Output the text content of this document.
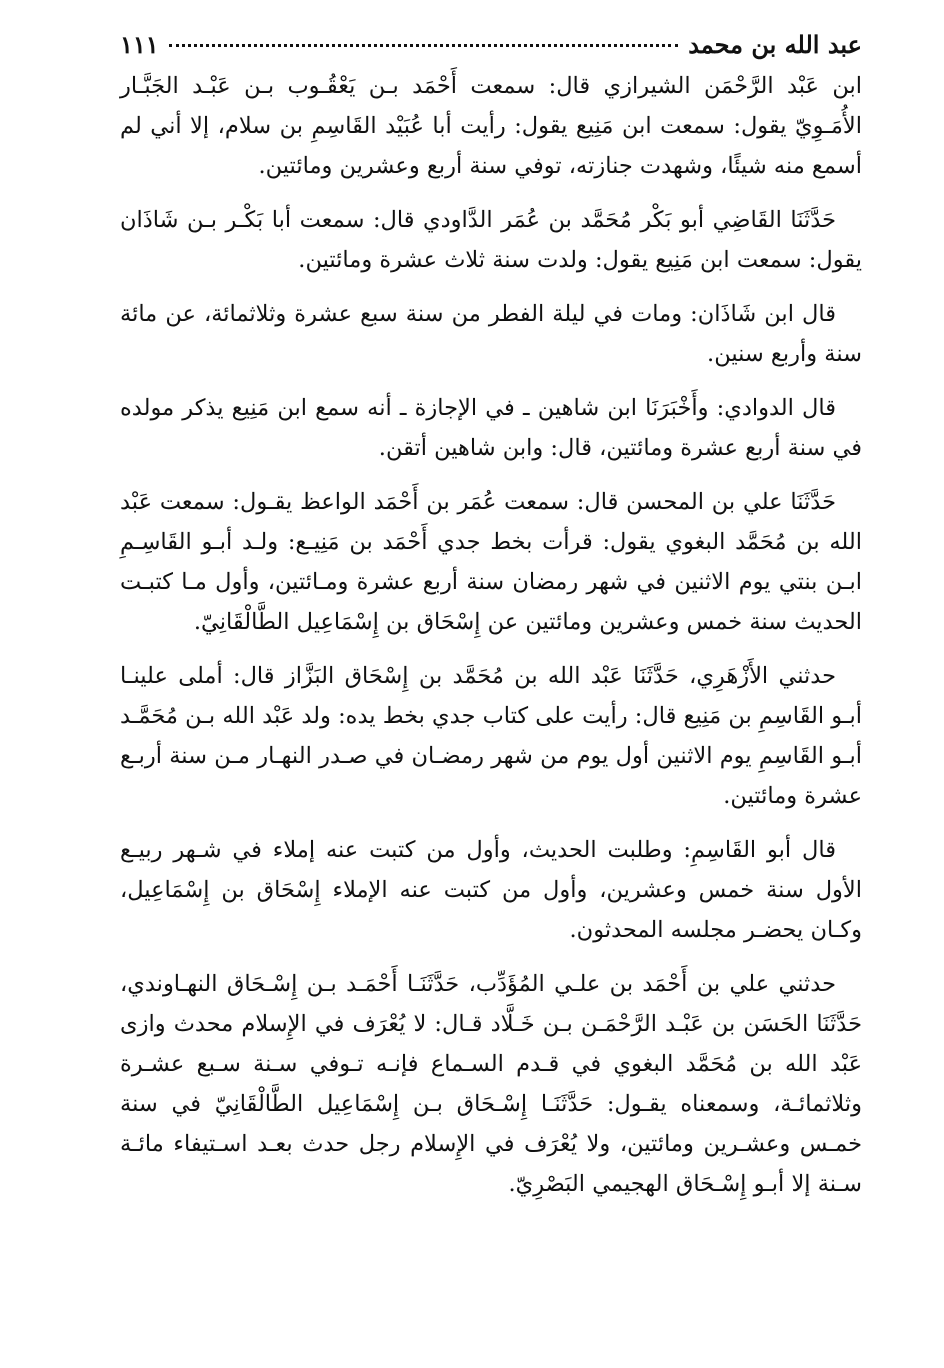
عبد الله بن محمد
١١١

ابن عَبْد الرَّحْمَن الشيرازي قال: سمعت أَحْمَد بـن يَعْقُـوب بـن عَبْـد الجَبَّـار الأُمَـوِيّ يقول: سمعت ابن مَنِيع يقول: رأيت أبا عُبَيْد القَاسِمِ بن سلام، إلا أني لم أسمع منه شيئًا، وشهدت جنازته، توفي سنة أربع وعشرين ومائتين.

حَدَّثَنَا القَاضِي أبو بَكْر مُحَمَّد بن عُمَر الدَّاودي قال: سمعت أبا بَكْـر بـن شَاذَان يقول: سمعت ابن مَنِيع يقول: ولدت سنة ثلاث عشرة ومائتين.

قال ابن شَاذَان: ومات في ليلة الفطر من سنة سبع عشرة وثلاثمائة، عن مائة سنة وأربع سنين.

قال الدوادي: وأَخْبَرَنَا ابن شاهين ـ في الإجازة ـ أنه سمع ابن مَنِيع يذكر مولده في سنة أربع عشرة ومائتين، قال: وابن شاهين أتقن.

حَدَّثَنَا علي بن المحسن قال: سمعت عُمَر بن أَحْمَد الواعظ يقـول: سمعت عَبْد الله بن مُحَمَّد البغوي يقول: قرأت بخط جدي أَحْمَد بن مَنِيـع: ولـد أبـو القَاسِـمِ ابـن بنتي يوم الاثنين في شهر رمضان سنة أربع عشرة ومـائتين، وأول مـا كتبـت الحديث سنة خمس وعشرين ومائتين عن إِسْحَاق بن إِسْمَاعِيل الطَّالْقَانِيّ.

حدثني الأَزْهَرِي، حَدَّثَنَا عَبْد الله بن مُحَمَّد بن إِسْحَاق البَزَّاز قال: أملى علينـا أبـو القَاسِمِ بن مَنِيع قال: رأيت على كتاب جدي بخط يده: ولد عَبْد الله بـن مُحَمَّـد أبـو القَاسِمِ يوم الاثنين أول يوم من شهر رمضـان في صـدر النهـار مـن سنة أربـع عشرة ومائتين.

قال أبو القَاسِمِ: وطلبت الحديث، وأول من كتبت عنه إملاء في شـهر ربيـع الأول سنة خمس وعشرين، وأول من كتبت عنه الإملاء إِسْحَاق بن إِسْمَاعِيل، وكـان يحضـر مجلسه المحدثون.

حدثني علي بن أَحْمَد بن علـي المُؤَدِّب، حَدَّثَنَـا أَحْمَـد بـن إِسْـحَاق النهـاوندي، حَدَّثَنَا الحَسَن بن عَبْـد الرَّحْمَـن بـن خَـلَّاد قـال: لا يُعْرَف في الإِسلام محدث وازى عَبْد الله بن مُحَمَّد البغوي في قـدم السـماع فإنـه تـوفي سـنة سـبع عشـرة وثلاثمائـة، وسمعناه يقـول: حَدَّثَنَـا إِسْـحَاق بـن إِسْمَاعِيل الطَّالْقَانِيّ في سنة خمـس وعشـرين ومائتين، ولا يُعْرَف في الإِسلام رجل حدث بعـد اسـتيفاء مائـة سـنة إلا أبـو إِسْـحَاق الهجيمي البَصْرِيّ.
